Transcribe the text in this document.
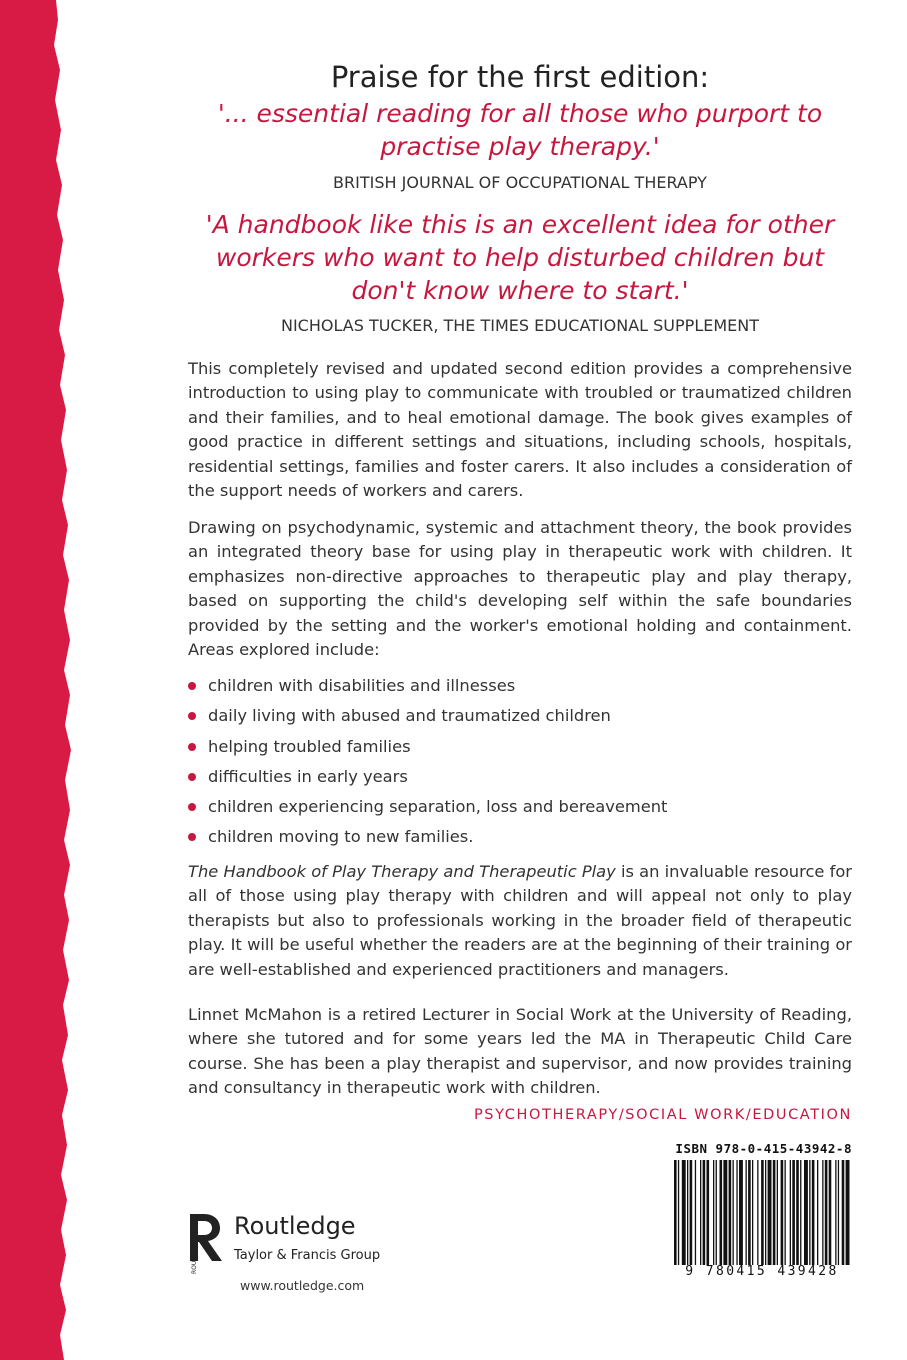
Praise for the first edition:
'... essential reading for all those who purport to practise play therapy.'
BRITISH JOURNAL OF OCCUPATIONAL THERAPY
'A handbook like this is an excellent idea for other workers who want to help disturbed children but don't know where to start.'
NICHOLAS TUCKER, THE TIMES EDUCATIONAL SUPPLEMENT

This completely revised and updated second edition provides a comprehensive introduction to using play to communicate with troubled or traumatized children and their families, and to heal emotional damage. The book gives examples of good practice in different settings and situations, including schools, hospitals, residential settings, families and foster carers. It also includes a consideration of the support needs of workers and carers.

Drawing on psychodynamic, systemic and attachment theory, the book provides an integrated theory base for using play in therapeutic work with children. It emphasizes non-directive approaches to therapeutic play and play therapy, based on supporting the child's developing self within the safe boundaries provided by the setting and the worker's emotional holding and containment. Areas explored include:

children with disabilities and illnesses
daily living with abused and traumatized children
helping troubled families
difficulties in early years
children experiencing separation, loss and bereavement
children moving to new families.

The Handbook of Play Therapy and Therapeutic Play is an invaluable resource for all of those using play therapy with children and will appeal not only to play therapists but also to professionals working in the broader field of therapeutic play. It will be useful whether the readers are at the beginning of their training or are well-established and experienced practitioners and managers.

Linnet McMahon is a retired Lecturer in Social Work at the University of Reading, where she tutored and for some years led the MA in Therapeutic Child Care course. She has been a play therapist and supervisor, and now provides training and consultancy in therapeutic work with children.

PSYCHOTHERAPY/SOCIAL WORK/EDUCATION
ISBN 978-0-415-43942-8
9 780415 439428
ROUTLEDGE
Routledge
Taylor & Francis Group
www.routledge.com
